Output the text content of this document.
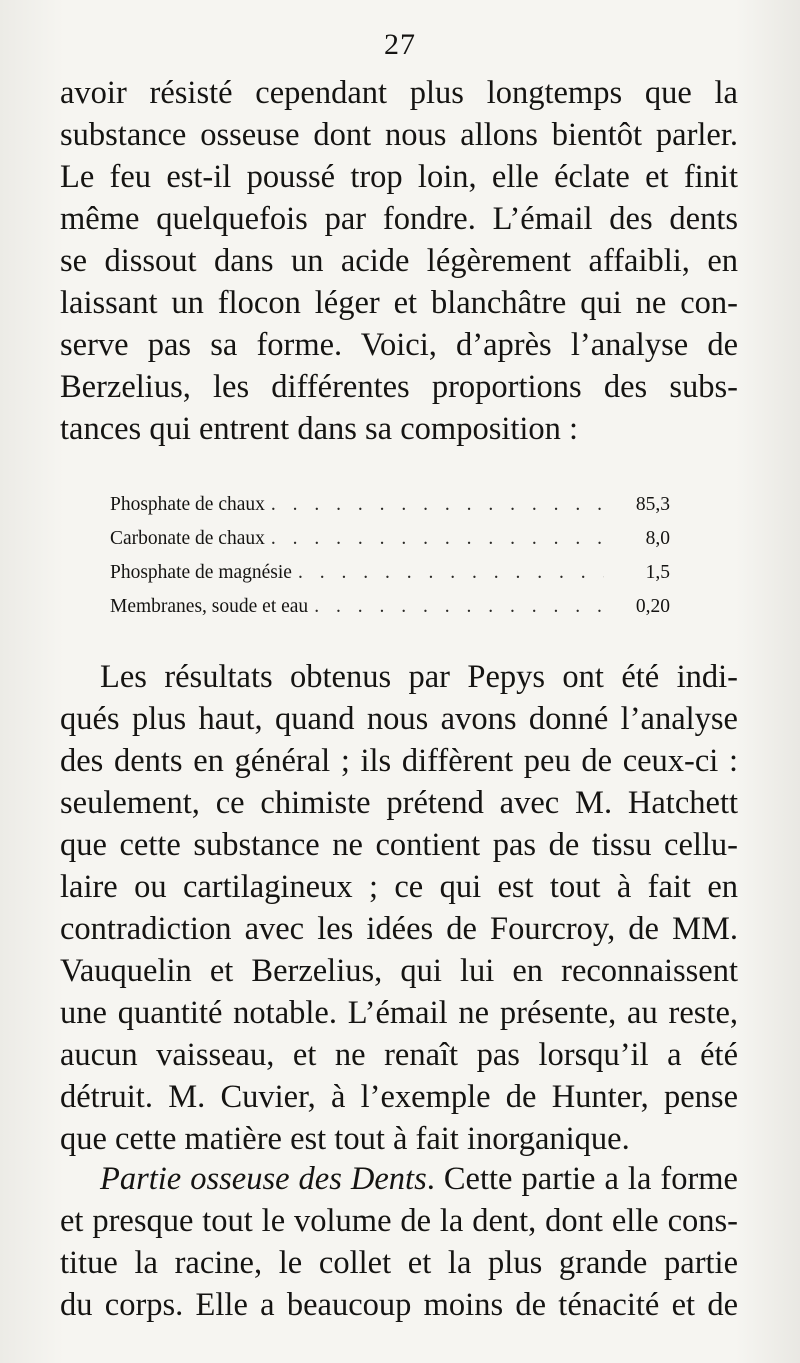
27
avoir résisté cependant plus longtemps que la
substance osseuse dont nous allons bientôt parler.
Le feu est-il poussé trop loin, elle éclate et finit
même quelquefois par fondre. L’émail des dents
se dissout dans un acide légèrement affaibli, en
laissant un flocon léger et blanchâtre qui ne con-
serve pas sa forme. Voici, d’après l’analyse de
Berzelius, les différentes proportions des subs-
tances qui entrent dans sa composition :
Phosphate de chaux . . .	85,3
Carbonate de chaux . . .	8,0
Phosphate de magnésie . . .	1,5
Membranes, soude et eau . . .	0,20
Les résultats obtenus par Pepys ont été indi-
qués plus haut, quand nous avons donné l’analyse
des dents en général ; ils diffèrent peu de ceux-ci :
seulement, ce chimiste prétend avec M. Hatchett
que cette substance ne contient pas de tissu cellu-
laire ou cartilagineux ; ce qui est tout à fait en
contradiction avec les idées de Fourcroy, de MM.
Vauquelin et Berzelius, qui lui en reconnaissent
une quantité notable. L’émail ne présente, au reste,
aucun vaisseau, et ne renaît pas lorsqu’il a été
détruit. M. Cuvier, à l’exemple de Hunter, pense
que cette matière est tout à fait inorganique.
Partie osseuse des Dents. Cette partie a la forme
et presque tout le volume de la dent, dont elle cons-
titue la racine, le collet et la plus grande partie
du corps. Elle a beaucoup moins de ténacité et de
